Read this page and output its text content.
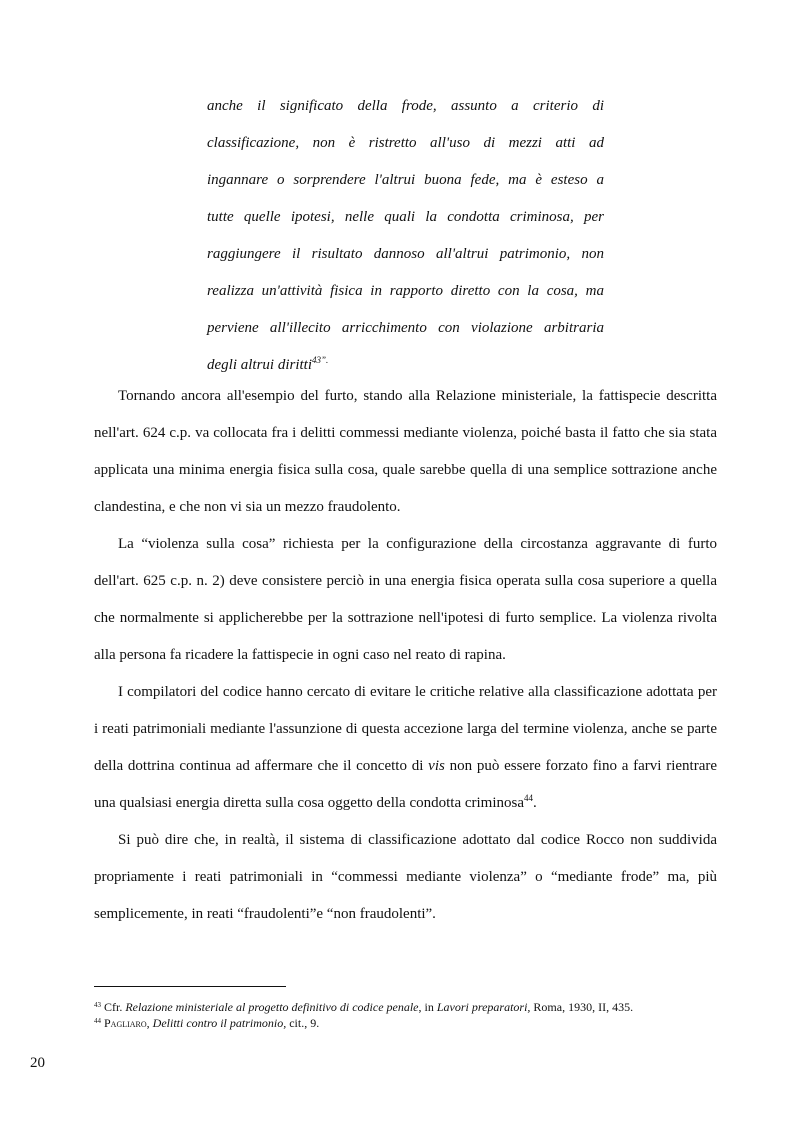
anche il significato della frode, assunto a criterio di
classificazione, non è ristretto all'uso di mezzi atti ad
ingannare o sorprendere l'altrui buona fede, ma è esteso a
tutte quelle ipotesi, nelle quali la condotta criminosa, per
raggiungere il risultato dannoso all'altrui patrimonio, non
realizza un'attività fisica in rapporto diretto con la cosa, ma
perviene all'illecito arricchimento con violazione arbitraria
degli altrui diritti$^{43”.}$

Tornando ancora all'esempio del furto, stando alla Relazione ministeriale, la fattispecie descritta nell'art. 624 c.p. va collocata fra i delitti commessi mediante violenza, poiché basta il fatto che sia stata applicata una minima energia fisica sulla cosa, quale sarebbe quella di una semplice sottrazione anche clandestina, e che non vi sia un mezzo fraudolento.

La “violenza sulla cosa” richiesta per la configurazione della circostanza aggravante di furto dell'art. 625 c.p. n. 2) deve consistere perciò in una energia fisica operata sulla cosa superiore a quella che normalmente si applicherebbe per la sottrazione nell'ipotesi di furto semplice. La violenza rivolta alla persona fa ricadere la fattispecie in ogni caso nel reato di rapina.

I compilatori del codice hanno cercato di evitare le critiche relative alla classificazione adottata per i reati patrimoniali mediante l'assunzione di questa accezione larga del termine violenza, anche se parte della dottrina continua ad affermare che il concetto di vis non può essere forzato fino a farvi rientrare una qualsiasi energia diretta sulla cosa oggetto della condotta criminosa$^{44}$.

Si può dire che, in realtà, il sistema di classificazione adottato dal codice Rocco non suddivida propriamente i reati patrimoniali in “commessi mediante violenza” o “mediante frode” ma, più semplicemente, in reati “fraudolenti”e “non fraudolenti”.

$^{43}$ Cfr. Relazione ministeriale al progetto definitivo di codice penale, in Lavori preparatori, Roma, 1930, II, 435.
$^{44}$ Pagliaro, Delitti contro il patrimonio, cit., 9.
20
